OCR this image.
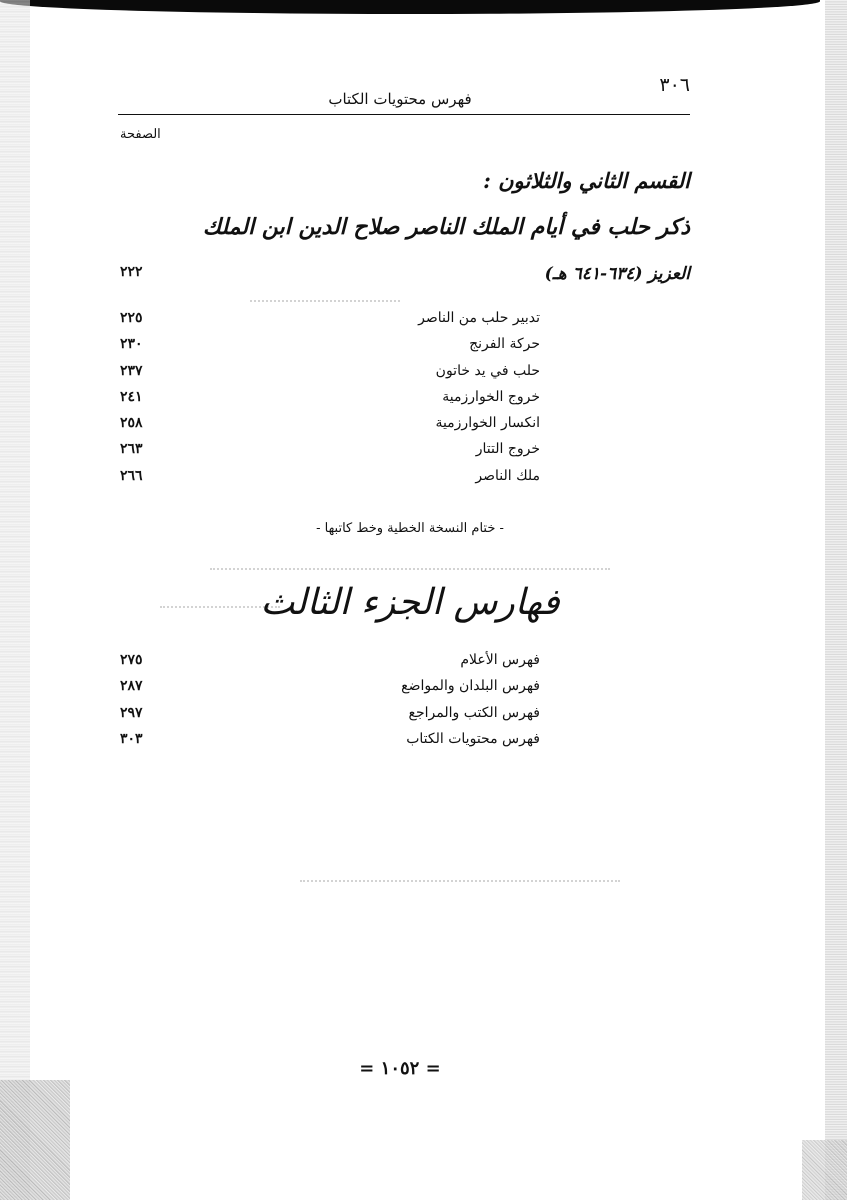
٣٠٦
فهرس محتويات الكتاب
الصفحة
القسم الثاني والثلاثون :
ذكر حلب في أيام الملك الناصر صلاح الدين ابن الملك
العزيز (٦٣٤-٦٤١ هـ)
٢٢٢
تدبير حلب من الناصر
٢٢٥
حركة الفرنج
٢٣٠
حلب في يد خاتون
٢٣٧
خروج الخوارزمية
٢٤١
انكسار الخوارزمية
٢٥٨
خروج التتار
٢٦٣
ملك الناصر
٢٦٦
- ختام النسخة الخطية وخط كاتبها -
فهارس الجزء الثالث
فهرس الأعلام
٢٧٥
فهرس البلدان والمواضع
٢٨٧
فهرس الكتب والمراجع
٢٩٧
فهرس محتويات الكتاب
٣٠٣
= ١٠٥٢ =
